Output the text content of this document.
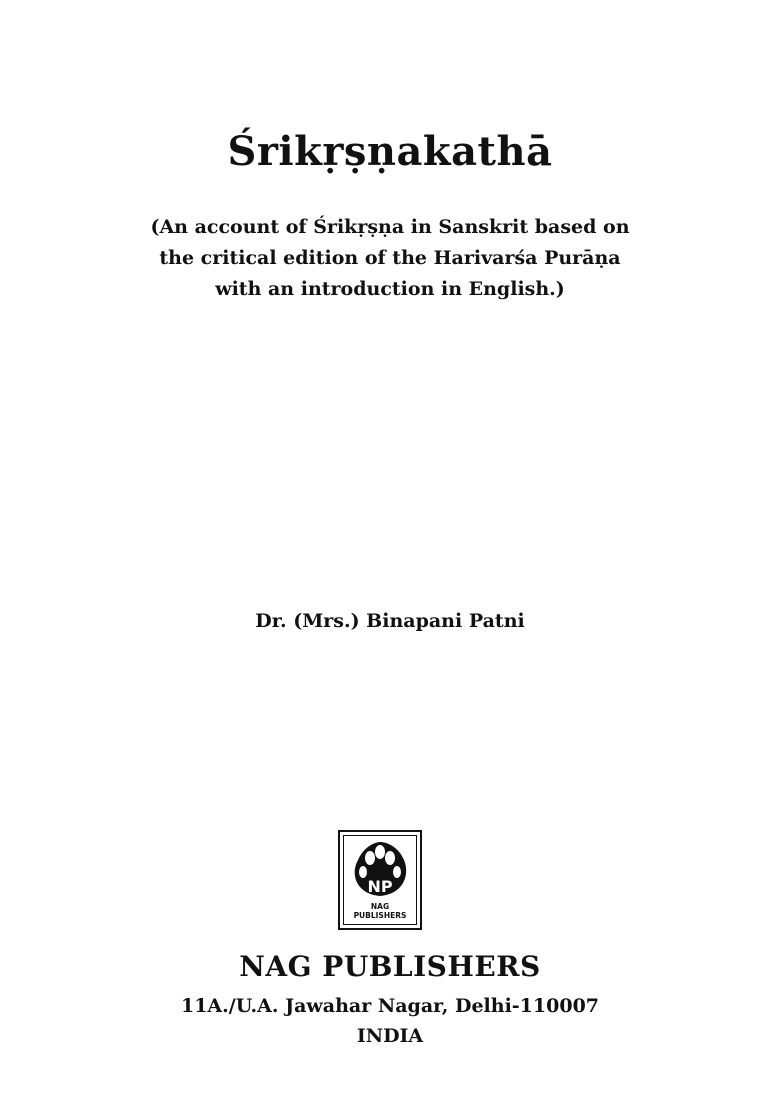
Śrikṛṣṇakathā
(An account of Śrikṛṣṇa in Sanskrit based on
the critical edition of the Harivarśa Purāṇa
with an introduction in English.)
Dr. (Mrs.) Binapani Patni
NP
NAG
PUBLISHERS
NAG PUBLISHERS
11A./U.A. Jawahar Nagar, Delhi-110007
INDIA
